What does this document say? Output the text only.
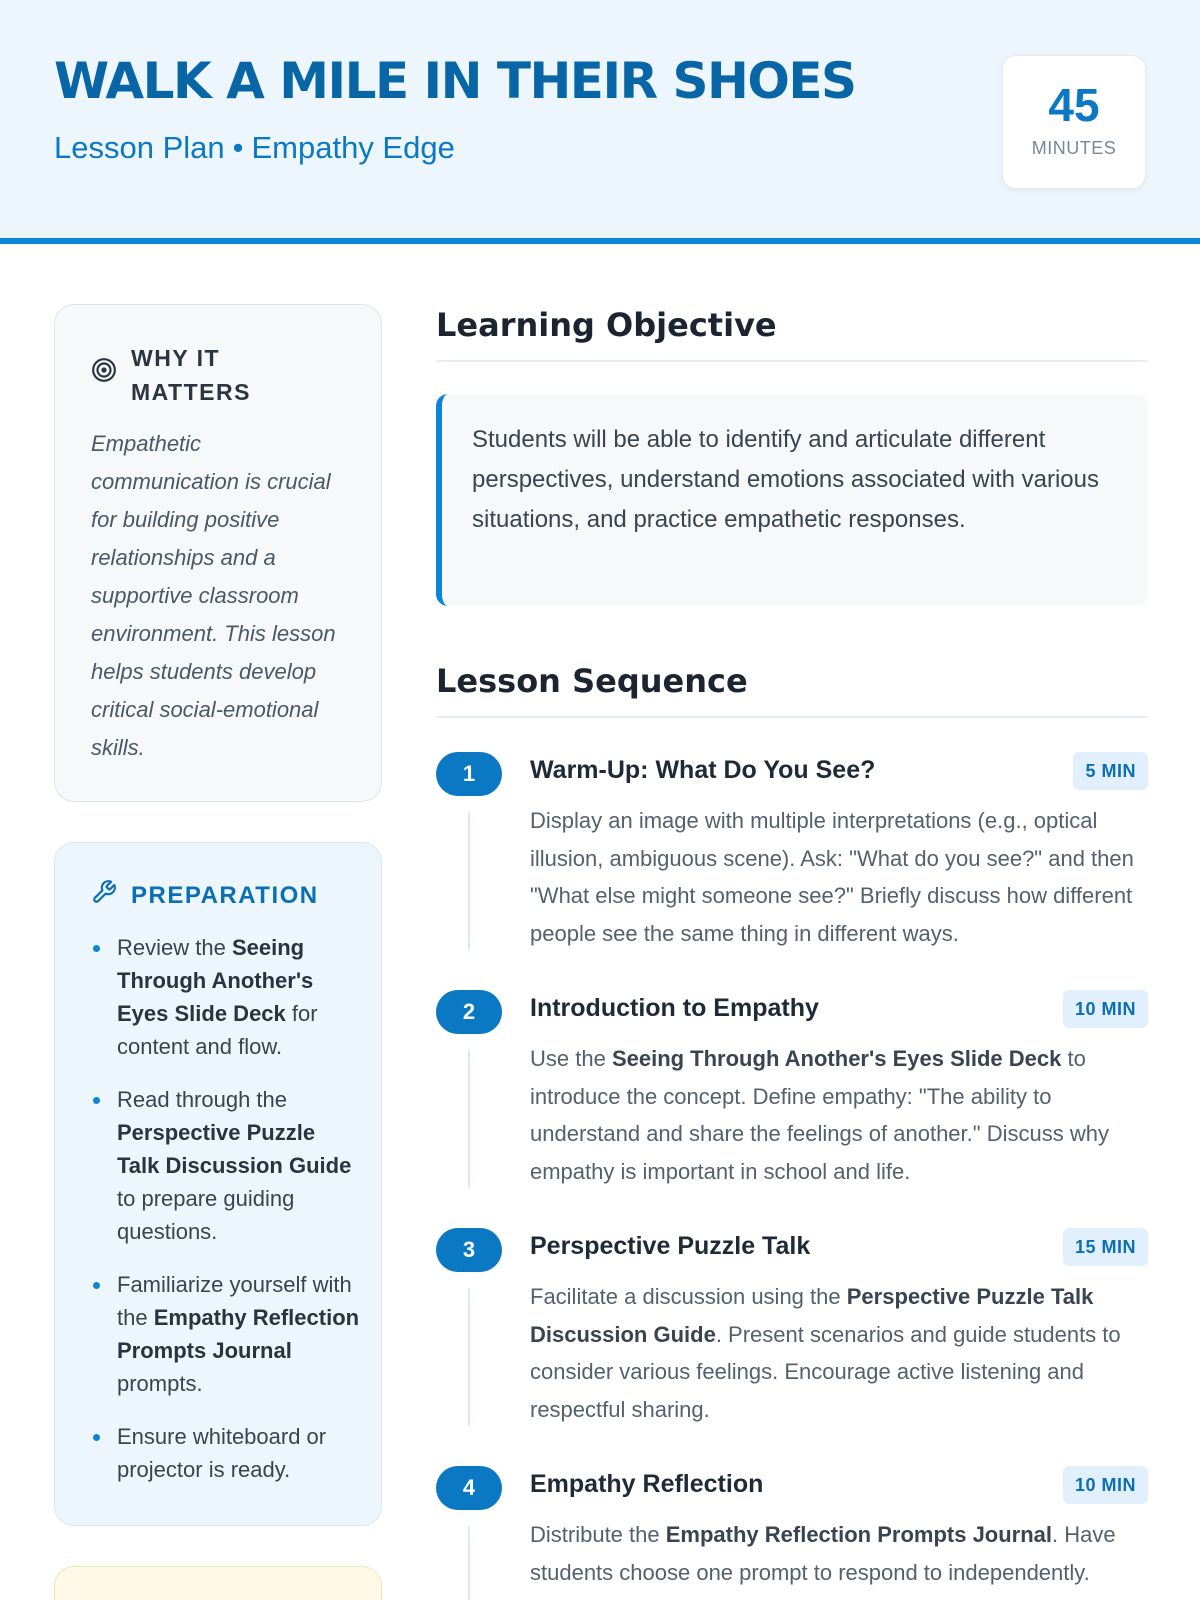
WALK A MILE IN THEIR SHOES
Lesson Plan • Empathy Edge
45
MINUTES
WHY IT MATTERS

Empathetic communication is crucial for building positive relationships and a supportive classroom environment. This lesson helps students develop critical social-emotional skills.

PREPARATION
Review the Seeing Through Another's Eyes Slide Deck for content and flow.
Read through the Perspective Puzzle Talk Discussion Guide to prepare guiding questions.
Familiarize yourself with the Empathy Reflection Prompts Journal prompts.
Ensure whiteboard or projector is ready.
Learning Objective
Students will be able to identify and articulate different perspectives, understand emotions associated with various situations, and practice empathetic responses.
Lesson Sequence
1	Warm-Up: What Do You See?	5 MIN

Display an image with multiple interpretations (e.g., optical illusion, ambiguous scene). Ask: "What do you see?" and then "What else might someone see?" Briefly discuss how different people see the same thing in different ways.

2	Introduction to Empathy	10 MIN

Use the Seeing Through Another's Eyes Slide Deck to introduce the concept. Define empathy: "The ability to understand and share the feelings of another." Discuss why empathy is important in school and life.

3	Perspective Puzzle Talk	15 MIN

Facilitate a discussion using the Perspective Puzzle Talk Discussion Guide. Present scenarios and guide students to consider various feelings. Encourage active listening and respectful sharing.

4	Empathy Reflection	10 MIN

Distribute the Empathy Reflection Prompts Journal. Have students choose one prompt to respond to independently.
